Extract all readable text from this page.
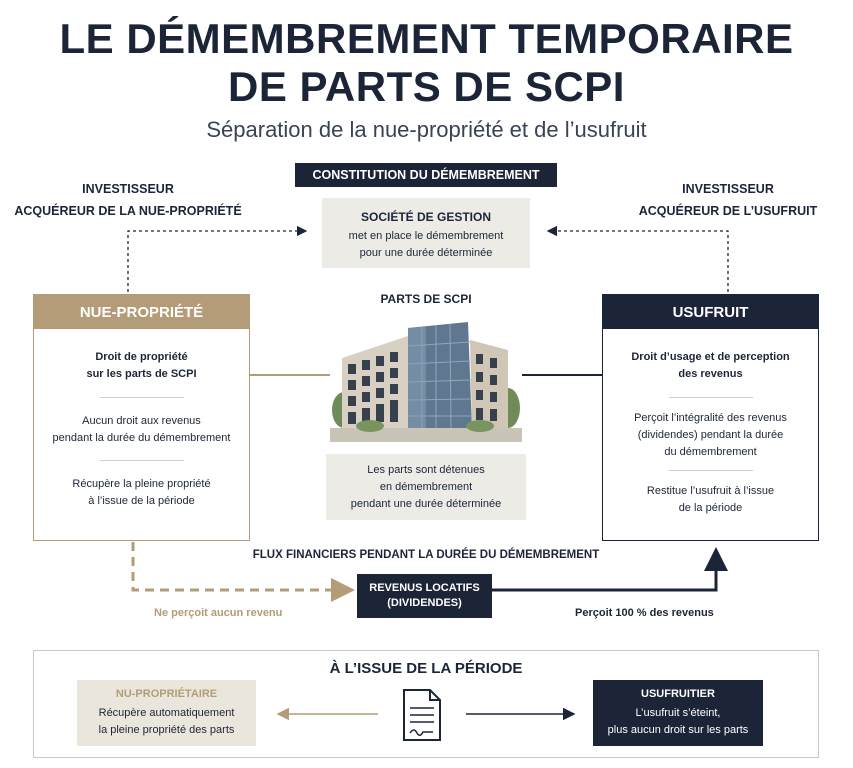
LE DÉMEMBREMENT TEMPORAIRE
DE PARTS DE SCPI
Séparation de la nue-propriété et de l’usufruit
CONSTITUTION DU DÉMEMBREMENT
INVESTISSEUR
ACQUÉREUR DE LA NUE-PROPRIÉTÉ
INVESTISSEUR
ACQUÉREUR DE L’USUFRUIT
SOCIÉTÉ DE GESTION
met en place le démembrement
pour une durée déterminée
NUE-PROPRIÉTÉ
Droit de propriété
sur les parts de SCPI
Aucun droit aux revenus
pendant la durée du démembrement
Récupère la pleine propriété
à l’issue de la période
USUFRUIT
Droit d’usage et de perception
des revenus
Perçoit l’intégralité des revenus
(dividendes) pendant la durée
du démembrement
Restitue l’usufruit à l’issue
de la période
PARTS DE SCPI
Les parts sont détenues
en démembrement
pendant une durée déterminée
FLUX FINANCIERS PENDANT LA DURÉE DU DÉMEMBREMENT
REVENUS LOCATIFS
(DIVIDENDES)
Ne perçoit aucun revenu	Perçoit 100 % des revenus
À L’ISSUE DE LA PÉRIODE
NU-PROPRIÉTAIRE
Récupère automatiquement
la pleine propriété des parts
USUFRUITIER
L’usufruit s’éteint,
plus aucun droit sur les parts
